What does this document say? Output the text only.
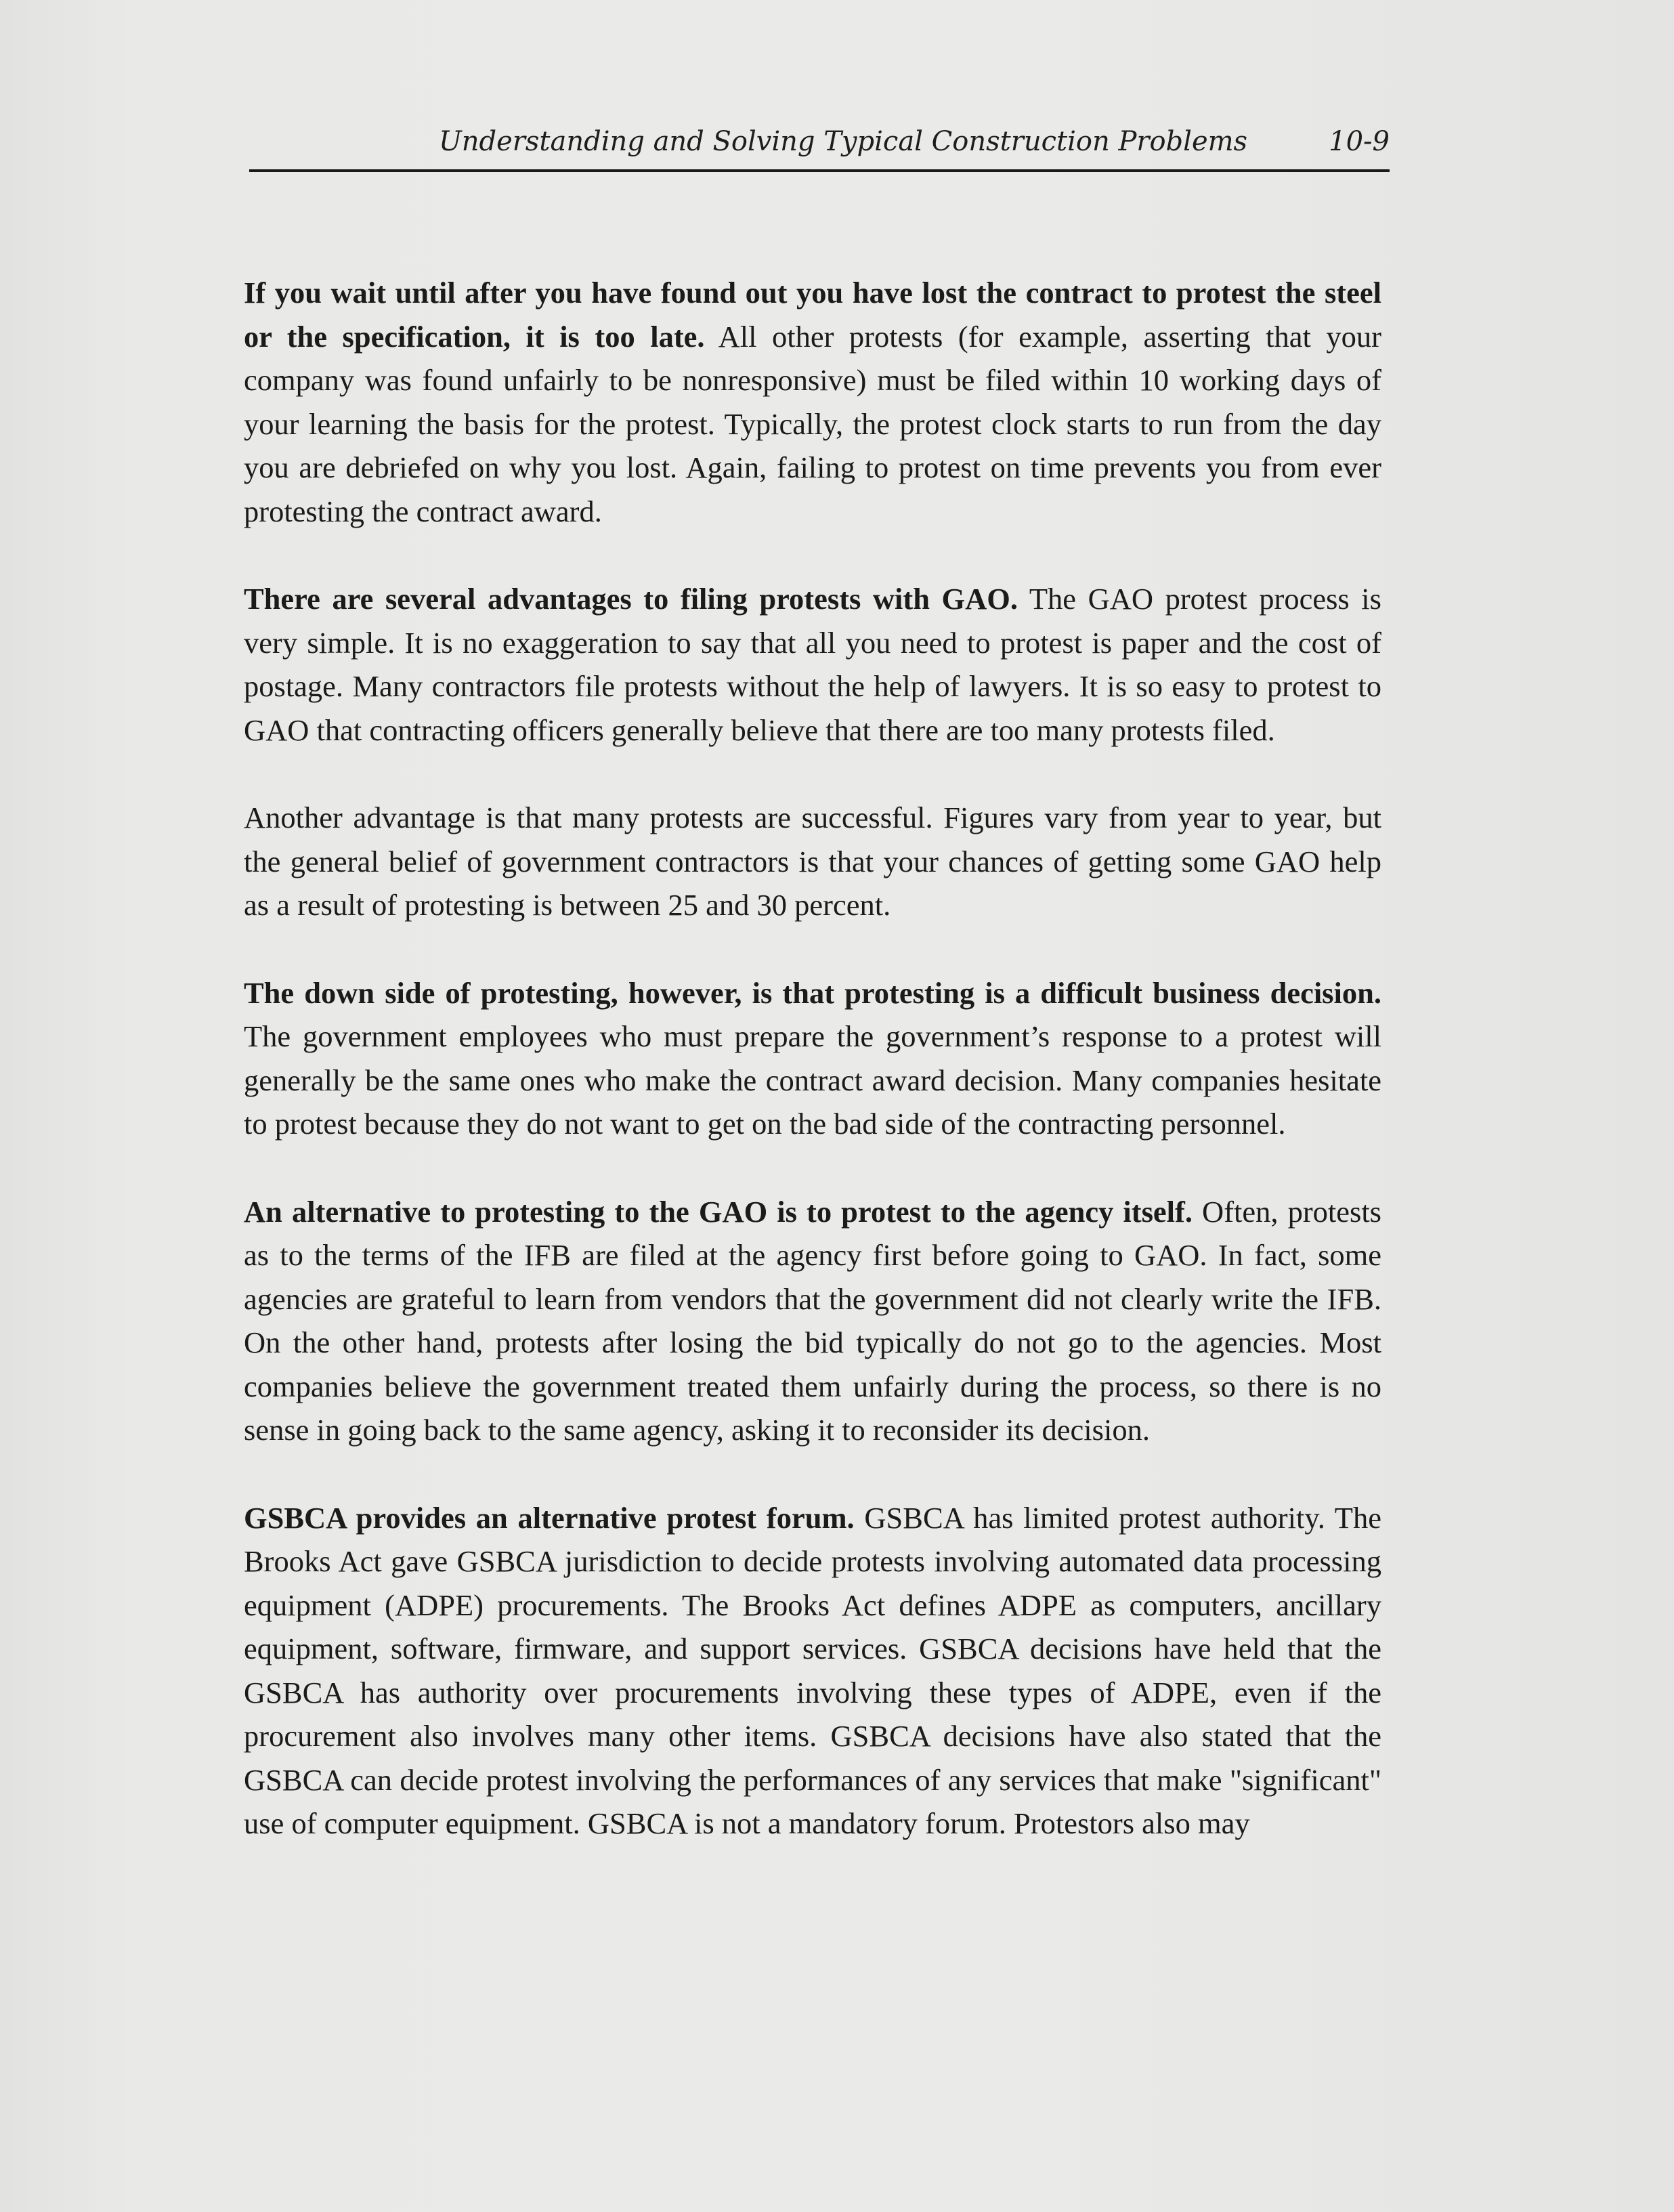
Understanding and Solving Typical Construction Problems	10-9

If you wait until after you have found out you have lost the contract to protest the steel or the specification, it is too late. All other protests (for example, asserting that your company was found unfairly to be nonresponsive) must be filed within 10 working days of your learning the basis for the protest. Typically, the protest clock starts to run from the day you are debriefed on why you lost. Again, failing to protest on time prevents you from ever protesting the contract award.

There are several advantages to filing protests with GAO. The GAO protest process is very simple. It is no exaggeration to say that all you need to protest is paper and the cost of postage. Many contractors file protests without the help of lawyers. It is so easy to protest to GAO that contracting officers generally believe that there are too many protests filed.

Another advantage is that many protests are successful. Figures vary from year to year, but the general belief of government contractors is that your chances of getting some GAO help as a result of protesting is between 25 and 30 percent.

The down side of protesting, however, is that protesting is a difficult business decision. The government employees who must prepare the government’s response to a protest will generally be the same ones who make the contract award decision. Many companies hesitate to protest because they do not want to get on the bad side of the contracting personnel.

An alternative to protesting to the GAO is to protest to the agency itself. Often, protests as to the terms of the IFB are filed at the agency first before going to GAO. In fact, some agencies are grateful to learn from vendors that the government did not clearly write the IFB. On the other hand, protests after losing the bid typically do not go to the agencies. Most companies believe the government treated them unfairly during the process, so there is no sense in going back to the same agency, asking it to reconsider its decision.

GSBCA provides an alternative protest forum. GSBCA has limited protest authority. The Brooks Act gave GSBCA jurisdiction to decide protests involving automated data processing equipment (ADPE) procurements. The Brooks Act defines ADPE as computers, ancillary equipment, software, firmware, and support services. GSBCA decisions have held that the GSBCA has authority over procurements involving these types of ADPE, even if the procurement also involves many other items. GSBCA decisions have also stated that the GSBCA can decide protest involving the performances of any services that make "significant" use of computer equipment. GSBCA is not a mandatory forum. Protestors also may
